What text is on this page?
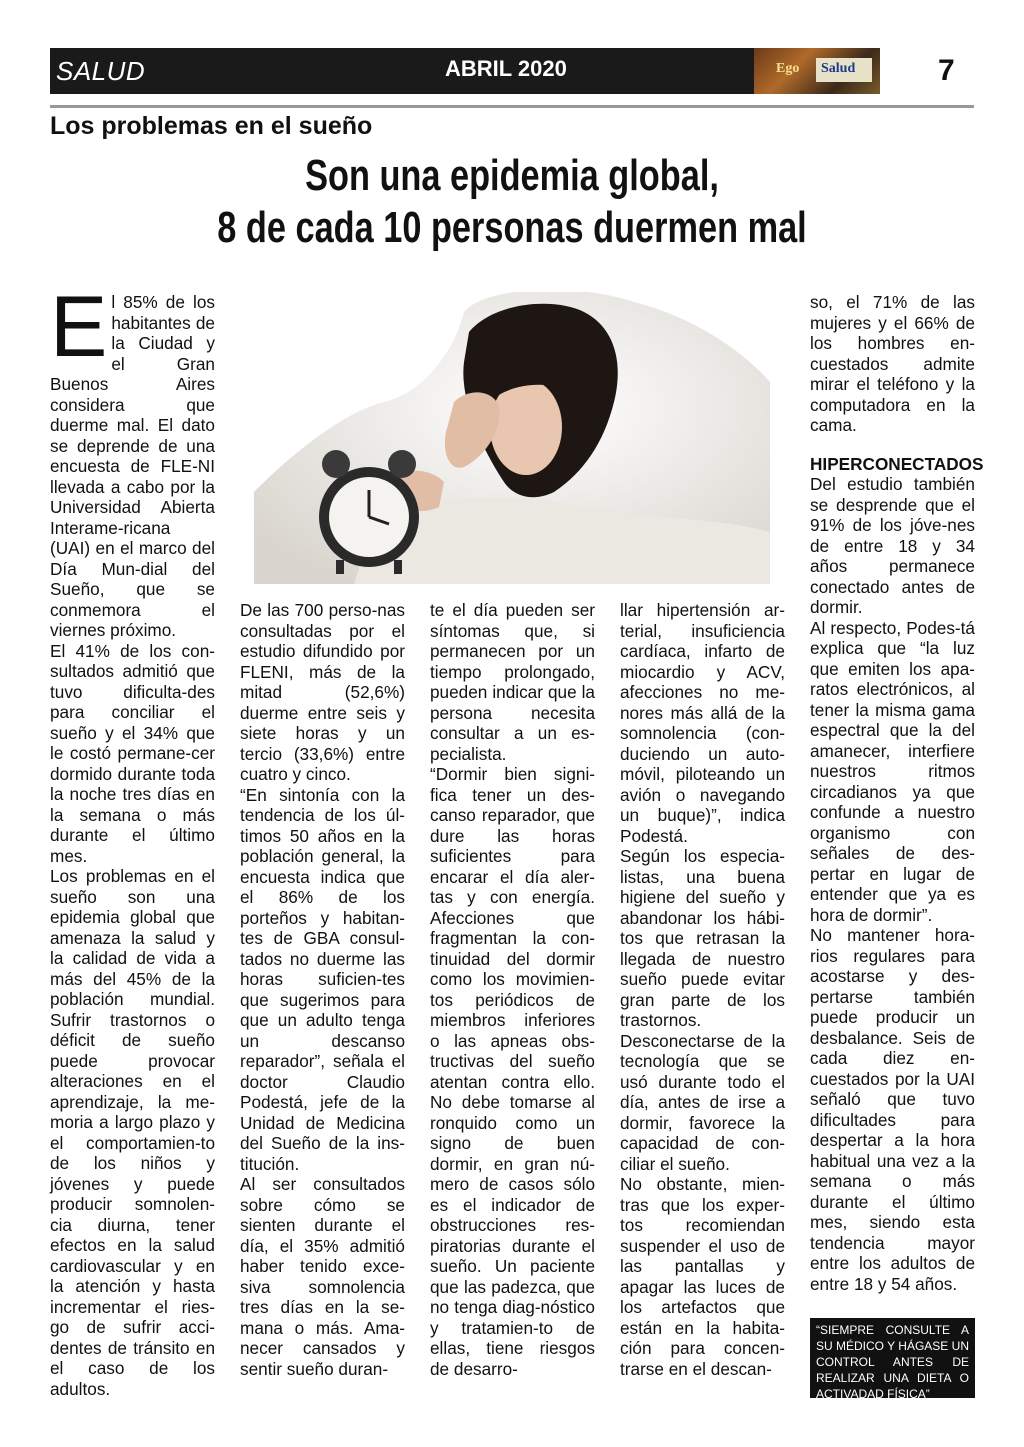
SALUD	ABRIL 2020	Ego Salud	7
Los problemas en el sueño
Son una epidemia global,
8 de cada 10 personas duermen mal

El 85% de los habitantes de la Ciudad y el Gran Buenos Aires considera que duerme mal. El dato se deprende de una encuesta de FLE-NI llevada a cabo por la Universidad Abierta Interame-ricana (UAI) en el marco del Día Mun-dial del Sueño, que se conmemora el viernes próximo.

El 41% de los con-sultados admitió que tuvo dificulta-des para conciliar el sueño y el 34% que le costó permane-cer dormido durante toda la noche tres días en la semana o más durante el último mes.

Los problemas en el sueño son una epidemia global que amenaza la salud y la calidad de vida a más del 45% de la población mundial. Sufrir trastornos o déficit de sueño puede provocar alteraciones en el aprendizaje, la me-moria a largo plazo y el comportamien-to de los niños y jóvenes y puede producir somnolen-cia diurna, tener efectos en la salud cardiovascular y en la atención y hasta incrementar el ries-go de sufrir acci-dentes de tránsito en el caso de los adultos.

De las 700 perso-nas consultadas por el estudio difundido por FLENI, más de la mitad (52,6%) duerme entre seis y siete horas y un tercio (33,6%) entre cuatro y cinco.

“En sintonía con la tendencia de los úl-timos 50 años en la población general, la encuesta indica que el 86% de los porteños y habitan-tes de GBA consul-tados no duerme las horas suficien-tes que sugerimos para que un adulto tenga un descanso reparador”, señala el doctor Claudio Podestá, jefe de la Unidad de Medicina del Sueño de la ins-titución.

Al ser consultados sobre cómo se sienten durante el día, el 35% admitió haber tenido exce-siva somnolencia tres días en la se-mana o más. Ama-necer cansados y sentir sueño duran-

te el día pueden ser síntomas que, si permanecen por un tiempo prolongado, pueden indicar que la persona necesita consultar a un es-pecialista.

“Dormir bien signi-fica tener un des-canso reparador, que dure las horas suficientes para encarar el día aler-tas y con energía. Afecciones que fragmentan la con-tinuidad del dormir como los movimien-tos periódicos de miembros inferiores o las apneas obs-tructivas del sueño atentan contra ello. No debe tomarse al ronquido como un signo de buen dormir, en gran nú-mero de casos sólo es el indicador de obstrucciones res-piratorias durante el sueño. Un paciente que las padezca, que no tenga diag-nóstico y tratamien-to de ellas, tiene riesgos de desarro-

llar hipertensión ar-terial, insuficiencia cardíaca, infarto de miocardio y ACV, afecciones no me-nores más allá de la somnolencia (con-duciendo un auto-móvil, piloteando un avión o navegando un buque)”, indica Podestá.

Según los especia-listas, una buena higiene del sueño y abandonar los hábi-tos que retrasan la llegada de nuestro sueño puede evitar gran parte de los trastornos.

Desconectarse de la tecnología que se usó durante todo el día, antes de irse a dormir, favorece la capacidad de con-ciliar el sueño.

No obstante, mien-tras que los exper-tos recomiendan suspender el uso de las pantallas y apagar las luces de los artefactos que están en la habita-ción para concen-trarse en el descan-

so, el 71% de las mujeres y el 66% de los hombres en-cuestados admite mirar el teléfono y la computadora en la cama.

HIPERCONECTADOS

Del estudio también se desprende que el 91% de los jóve-nes de entre 18 y 34 años permanece conectado antes de dormir.

Al respecto, Podes-tá explica que “la luz que emiten los apa-ratos electrónicos, al tener la misma gama espectral que la del amanecer, interfiere nuestros ritmos circadianos ya que confunde a nuestro organismo con señales de des-pertar en lugar de entender que ya es hora de dormir”.

No mantener hora-rios regulares para acostarse y des-pertarse también puede producir un desbalance. Seis de cada diez en-cuestados por la UAI señaló que tuvo dificultades para despertar a la hora habitual una vez a la semana o más durante el último mes, siendo esta tendencia mayor entre los adultos de entre 18 y 54 años.

“SIEMPRE CONSULTE A SU MÉDICO Y HÁGASE UN CONTROL ANTES DE REALIZAR UNA DIETA O ACTIVADAD FÍSICA”
